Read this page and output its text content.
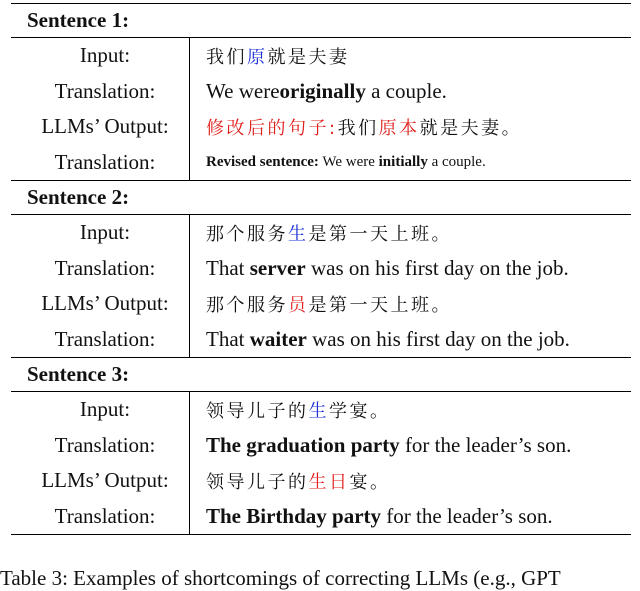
Sentence 1:
Input:	我们 原 就是夫妻
Translation:	We were originally a couple.
LLMs’ Output:	修改后的句子: 我们 原本 就是夫妻。
Translation:	Revised sentence: We were initially a couple.
Sentence 2:
Input:	那个服务 生 是第一天上班。
Translation:	That server was on his first day on the job.
LLMs’ Output:	那个服务 员 是第一天上班。
Translation:	That waiter was on his first day on the job.
Sentence 3:
Input:	领导儿子的 生 学宴。
Translation:	The graduation party for the leader’s son.
LLMs’ Output:	领导儿子的 生日 宴。
Translation:	The Birthday party for the leader’s son.
Table 3: Examples of shortcomings of correcting LLMs (e.g., GPT
